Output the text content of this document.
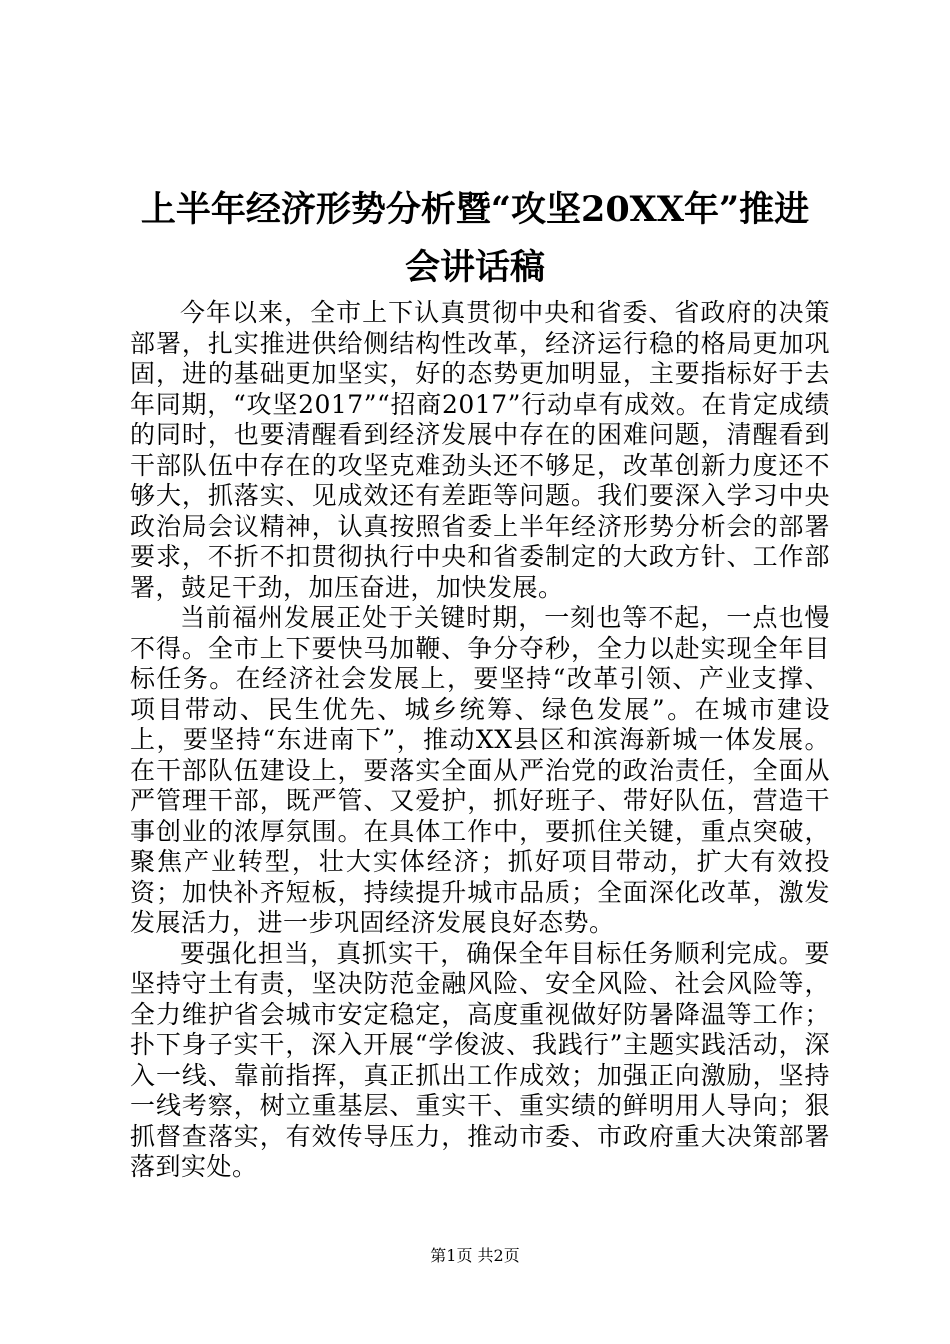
上半年经济形势分析暨“攻坚20XX年”推进
会讲话稿

今年以来，全市上下认真贯彻中央和省委、省政府的决策部署，扎实推进供给侧结构性改革，经济运行稳的格局更加巩固，进的基础更加坚实，好的态势更加明显，主要指标好于去年同期，“攻坚2017”“招商2017”行动卓有成效。在肯定成绩的同时，也要清醒看到经济发展中存在的困难问题，清醒看到干部队伍中存在的攻坚克难劲头还不够足，改革创新力度还不够大，抓落实、见成效还有差距等问题。我们要深入学习中央政治局会议精神，认真按照省委上半年经济形势分析会的部署要求，不折不扣贯彻执行中央和省委制定的大政方针、工作部署，鼓足干劲，加压奋进，加快发展。

当前福州发展正处于关键时期，一刻也等不起，一点也慢不得。全市上下要快马加鞭、争分夺秒，全力以赴实现全年目标任务。在经济社会发展上，要坚持“改革引领、产业支撑、项目带动、民生优先、城乡统筹、绿色发展”。在城市建设上，要坚持“东进南下”，推动XX县区和滨海新城一体发展。在干部队伍建设上，要落实全面从严治党的政治责任，全面从严管理干部，既严管、又爱护，抓好班子、带好队伍，营造干事创业的浓厚氛围。在具体工作中，要抓住关键，重点突破，聚焦产业转型，壮大实体经济；抓好项目带动，扩大有效投资；加快补齐短板，持续提升城市品质；全面深化改革，激发发展活力，进一步巩固经济发展良好态势。

要强化担当，真抓实干，确保全年目标任务顺利完成。要坚持守土有责，坚决防范金融风险、安全风险、社会风险等，全力维护省会城市安定稳定，高度重视做好防暑降温等工作；扑下身子实干，深入开展“学俊波、我践行”主题实践活动，深入一线、靠前指挥，真正抓出工作成效；加强正向激励，坚持一线考察，树立重基层、重实干、重实绩的鲜明用人导向；狠抓督查落实，有效传导压力，推动市委、市政府重大决策部署落到实处。

第1页 共2页
